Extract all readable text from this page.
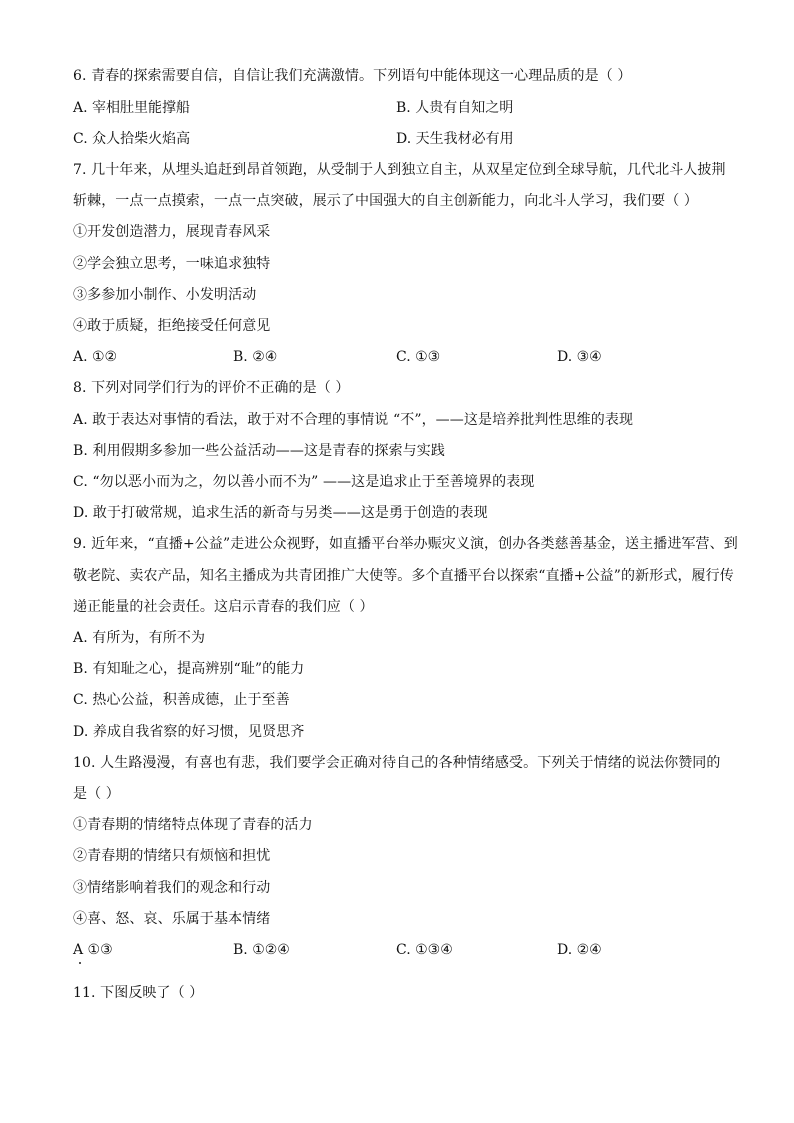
6. 青春的探索需要自信，自信让我们充满激情。下列语句中能体现这一心理品质的是（ ）
A. 宰相肚里能撑船	B. 人贵有自知之明
C. 众人拾柴火焰高	D. 天生我材必有用
7. 几十年来，从埋头追赶到昂首领跑，从受制于人到独立自主，从双星定位到全球导航，几代北斗人披荆
斩棘，一点一点摸索，一点一点突破，展示了中国强大的自主创新能力，向北斗人学习，我们要（ ）
①开发创造潜力，展现青春风采
②学会独立思考，一味追求独特
③多参加小制作、小发明活动
④敢于质疑，拒绝接受任何意见
A. ①②	B. ②④	C. ①③	D. ③④
8. 下列对同学们行为的评价不正确的是（ ）
A. 敢于表达对事情的看法，敢于对不合理的事情说 “不”，——这是培养批判性思维的表现
B. 利用假期多参加一些公益活动——这是青春的探索与实践
C. “勿以恶小而为之，勿以善小而不为” ——这是追求止于至善境界的表现
D. 敢于打破常规，追求生活的新奇与另类——这是勇于创造的表现
9. 近年来，“直播+公益”走进公众视野，如直播平台举办赈灾义演，创办各类慈善基金，送主播进军营、到
敬老院、卖农产品，知名主播成为共青团推广大使等。多个直播平台以探索“直播+公益”的新形式，履行传
递正能量的社会责任。这启示青春的我们应（ ）
A. 有所为，有所不为
B. 有知耻之心，提高辨别“耻”的能力
C. 热心公益，积善成德，止于至善
D. 养成自我省察的好习惯，见贤思齐
10. 人生路漫漫，有喜也有悲，我们要学会正确对待自己的各种情绪感受。下列关于情绪的说法你赞同的
是（ ）
①青春期的情绪特点体现了青春的活力
②青春期的情绪只有烦恼和担忧
③情绪影响着我们的观念和行动
④喜、怒、哀、乐属于基本情绪
A ①③	B. ①②④	C. ①③④	D. ②④
11. 下图反映了（ ）
